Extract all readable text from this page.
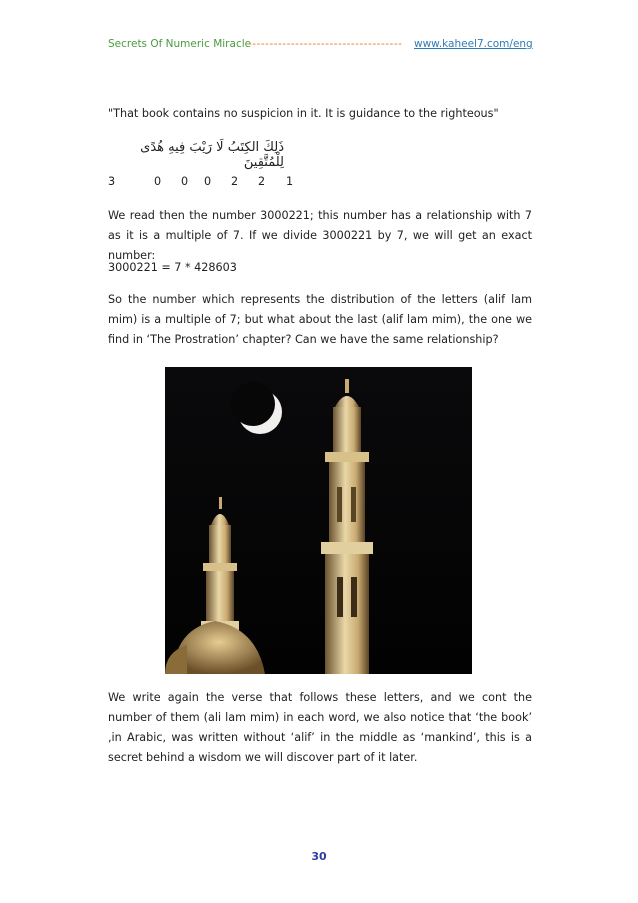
Secrets Of Numeric Miracle
------------------------------------ www.kaheel7.com/eng
"That book contains no suspicion in it. It is guidance to the righteous"
ذَلِكَ الكِتَبُ لَا رَيْبَ فِيهِ هُدًى لِلْمُتَّقِينَ
3	0 0 0 2 2 1
We read then the number 3000221; this number has a relationship with 7 as it is a multiple of 7. If we divide 3000221 by 7, we will get an exact number:
3000221 = 7 * 428603
So the number which represents the distribution of the letters (alif lam mim) is a multiple of 7; but what about the last (alif lam mim), the one we find in ‘The Prostration’ chapter? Can we have the same relationship?
We write again the verse that follows these letters, and we cont the number of them (ali lam mim) in each word, we also notice that ‘the book’ ,in Arabic, was written without ‘alif’ in the middle as ‘mankind’, this is a secret behind a wisdom we will discover part of it later.
30
